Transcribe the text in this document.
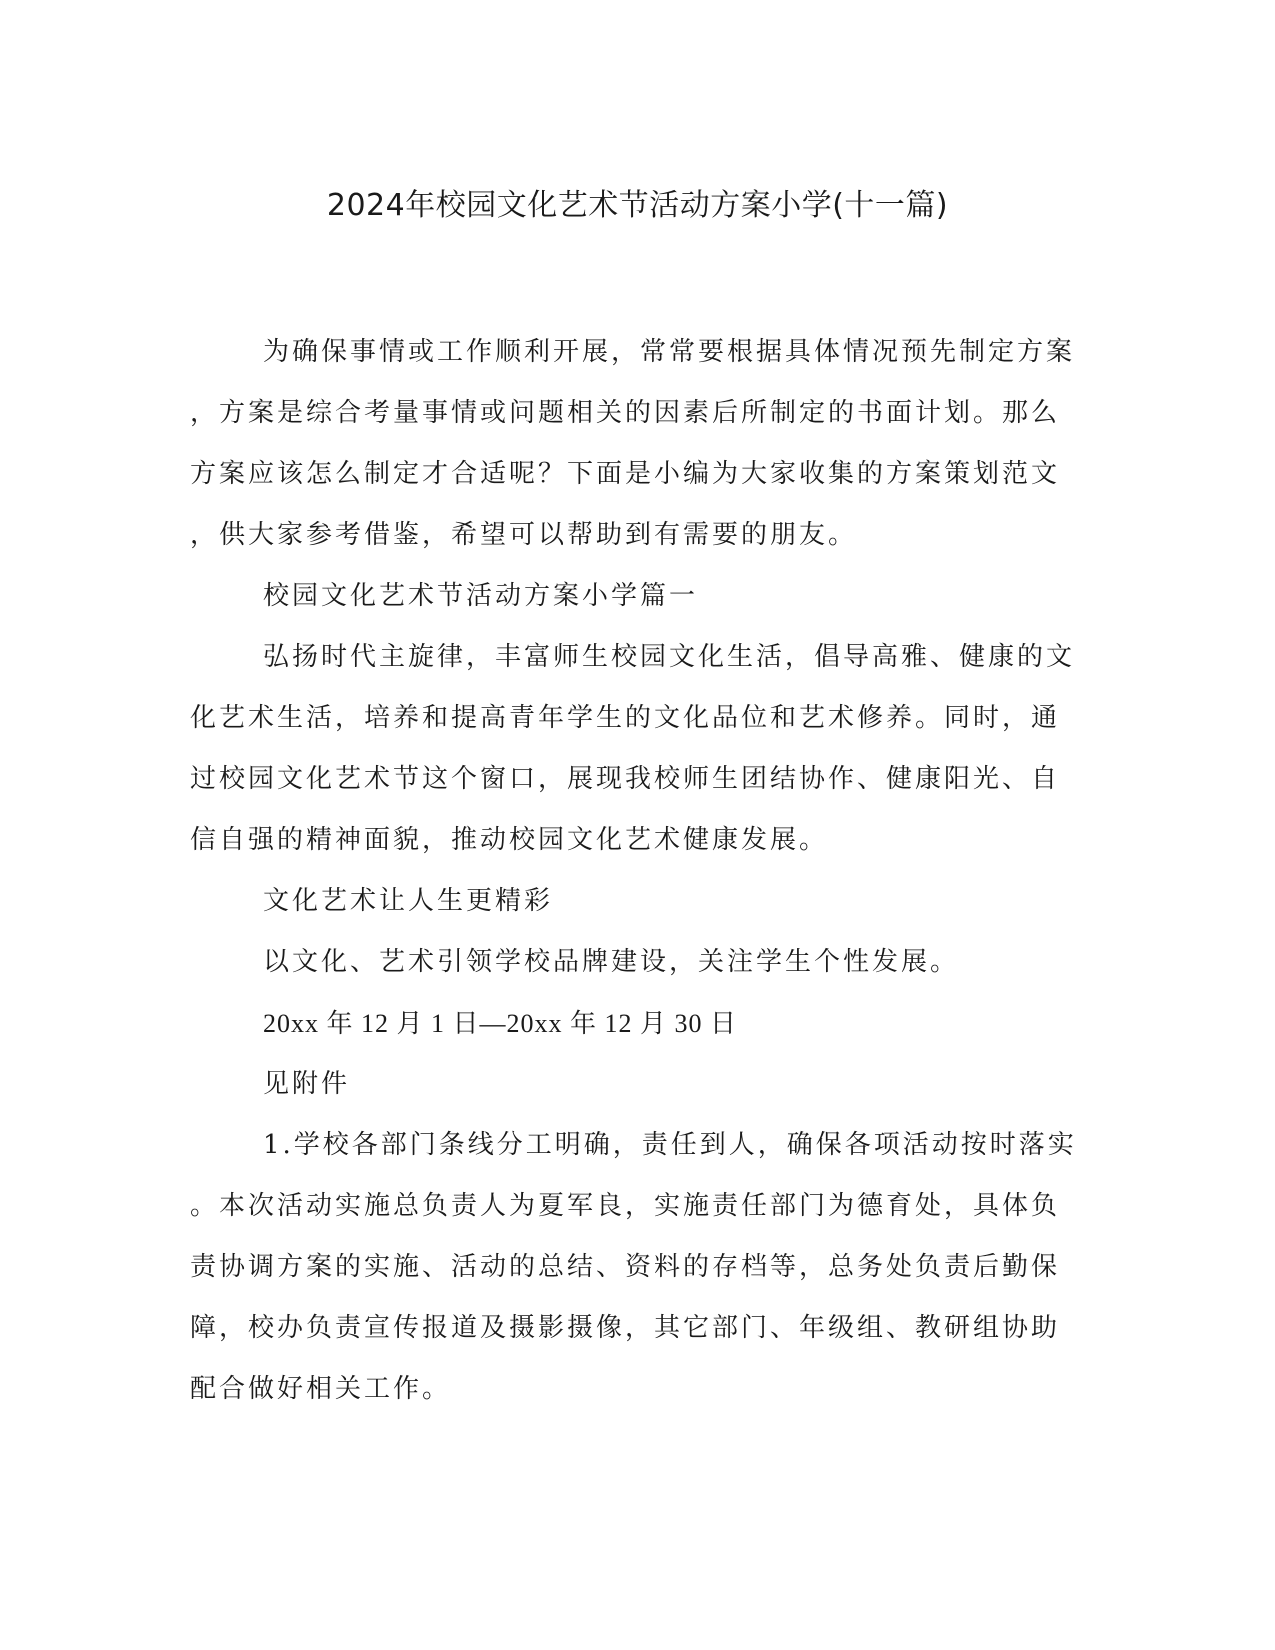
2024年校园文化艺术节活动方案小学(十一篇)

为确保事情或工作顺利开展，常常要根据具体情况预先制定方案
，方案是综合考量事情或问题相关的因素后所制定的书面计划。那么
方案应该怎么制定才合适呢？下面是小编为大家收集的方案策划范文
，供大家参考借鉴，希望可以帮助到有需要的朋友。

校园文化艺术节活动方案小学篇一

弘扬时代主旋律，丰富师生校园文化生活，倡导高雅、健康的文
化艺术生活，培养和提高青年学生的文化品位和艺术修养。同时，通
过校园文化艺术节这个窗口，展现我校师生团结协作、健康阳光、自
信自强的精神面貌，推动校园文化艺术健康发展。

文化艺术让人生更精彩

以文化、艺术引领学校品牌建设，关注学生个性发展。

20xx 年 12 月 1 日—20xx 年 12 月 30 日

见附件

1.学校各部门条线分工明确，责任到人，确保各项活动按时落实
。本次活动实施总负责人为夏军良，实施责任部门为德育处，具体负
责协调方案的实施、活动的总结、资料的存档等，总务处负责后勤保
障，校办负责宣传报道及摄影摄像，其它部门、年级组、教研组协助
配合做好相关工作。
